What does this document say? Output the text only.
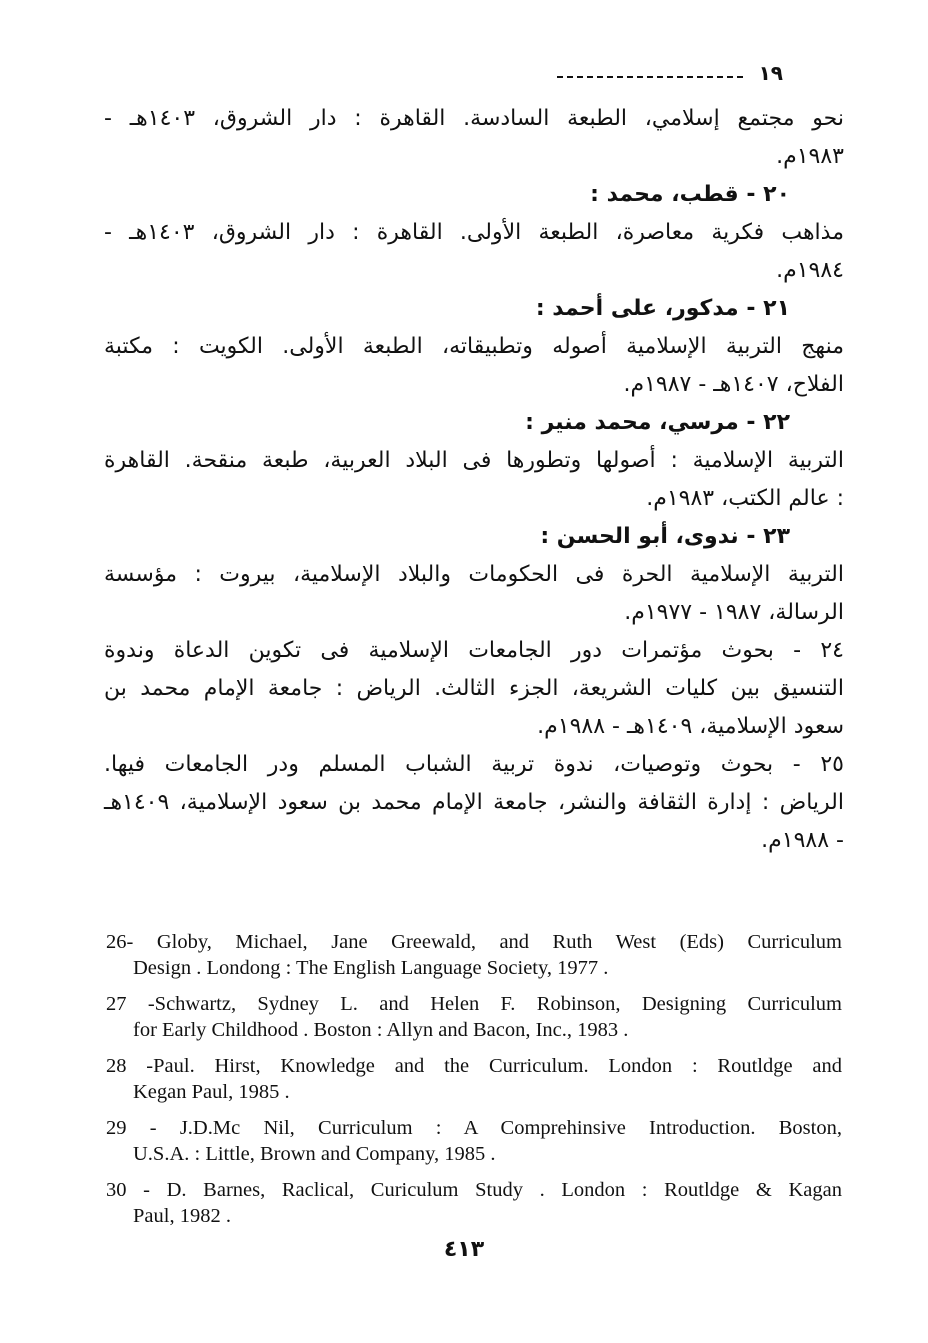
١٩
نحو مجتمع إسلامي، الطبعة السادسة. القاهرة : دار الشروق، ١٤٠٣هـ -
١٩٨٣م.
٢٠ - قطب، محمد :
مذاهب فكرية معاصرة، الطبعة الأولى. القاهرة : دار الشروق، ١٤٠٣هـ -
١٩٨٤م.
٢١ - مدكور، على أحمد :
منهج التربية الإسلامية أصوله وتطبيقاته، الطبعة الأولى. الكويت : مكتبة
الفلاح، ١٤٠٧هـ - ١٩٨٧م.
٢٢ - مرسي، محمد منير :
التربية الإسلامية : أصولها وتطورها فى البلاد العربية، طبعة منقحة. القاهرة
: عالم الكتب، ١٩٨٣م.
٢٣ - ندوى، أبو الحسن :
التربية الإسلامية الحرة فى الحكومات والبلاد الإسلامية، بيروت : مؤسسة
الرسالة، ١٩٨٧ - ١٩٧٧م.
٢٤ - بحوث مؤتمرات دور الجامعات الإسلامية فى تكوين الدعاة وندوة
التنسيق بين كليات الشريعة، الجزء الثالث. الرياض : جامعة الإمام محمد بن
سعود الإسلامية، ١٤٠٩هـ - ١٩٨٨م.
٢٥ - بحوث وتوصيات، ندوة تربية الشباب المسلم ودر الجامعات فيها.
الرياض : إدارة الثقافة والنشر، جامعة الإمام محمد بن سعود الإسلامية، ١٤٠٩هـ
- ١٩٨٨م.
26- Globy, Michael, Jane Greewald, and Ruth West (Eds) Curriculum
Design . Londong : The English Language Society, 1977 .
27 -Schwartz, Sydney L. and Helen F. Robinson, Designing Curriculum
for Early Childhood . Boston : Allyn and Bacon, Inc., 1983 .
28 -Paul. Hirst, Knowledge and the Curriculum. London : Routldge and
Kegan Paul, 1985 .
29 - J.D.Mc Nil, Curriculum : A Comprehinsive Introduction. Boston,
U.S.A. : Little, Brown and Company, 1985 .
30 - D. Barnes, Raclical, Curiculum Study . London : Routldge & Kagan
Paul, 1982 .
٤١٣
